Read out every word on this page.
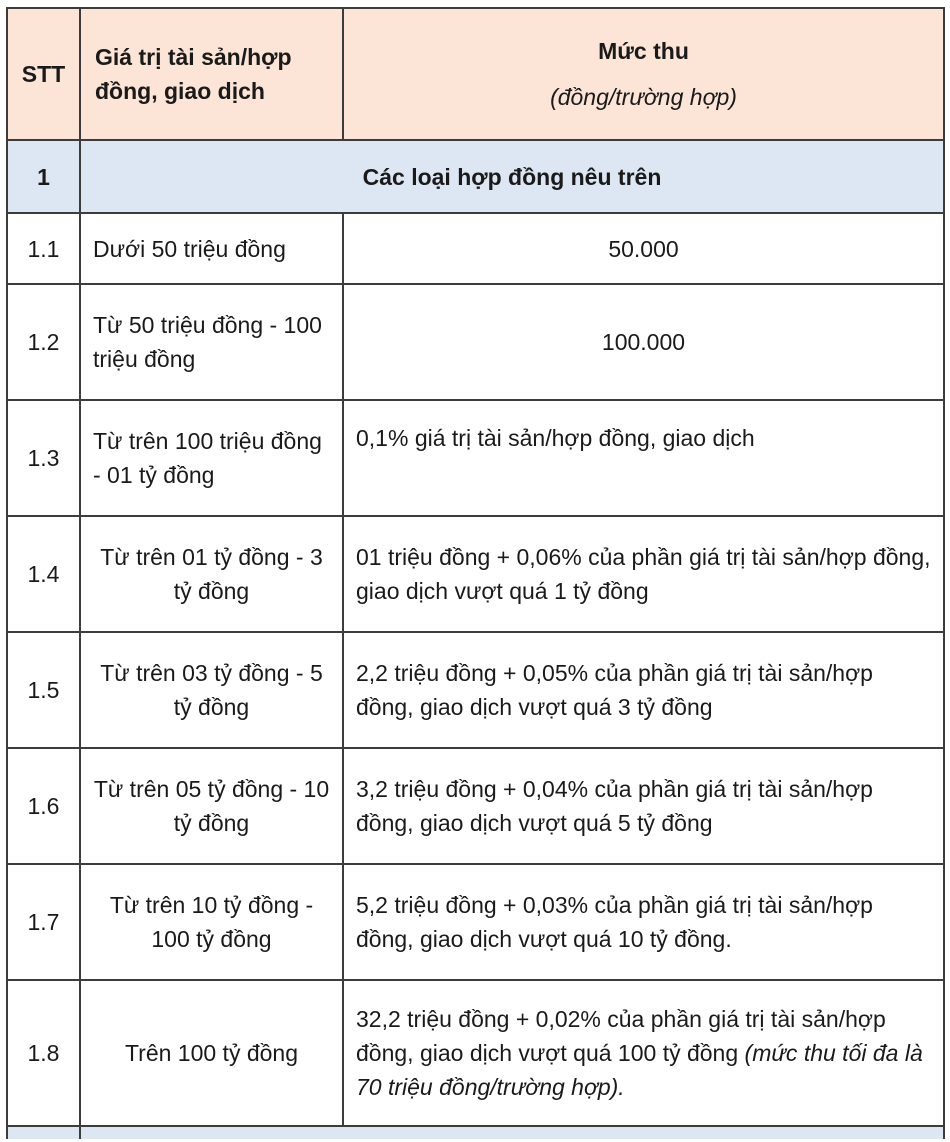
STT	Giá trị tài sản/hợp đồng, giao dịch	Mức thu
(đồng/trường hợp)

1	Các loại hợp đồng nêu trên	
1.1	Dưới 50 triệu đồng	50.000
1.2	Từ 50 triệu đồng - 100 triệu đồng	100.000
1.3	Từ trên 100 triệu đồng - 01 tỷ đồng	0,1% giá trị tài sản/hợp đồng, giao dịch
1.4	Từ trên 01 tỷ đồng - 3 tỷ đồng	01 triệu đồng + 0,06% của phần giá trị tài sản/hợp đồng, giao dịch vượt quá 1 tỷ đồng
1.5	Từ trên 03 tỷ đồng - 5 tỷ đồng	2,2 triệu đồng + 0,05% của phần giá trị tài sản/hợp đồng, giao dịch vượt quá 3 tỷ đồng
1.6	Từ trên 05 tỷ đồng - 10 tỷ đồng	3,2 triệu đồng + 0,04% của phần giá trị tài sản/hợp đồng, giao dịch vượt quá 5 tỷ đồng
1.7	Từ trên 10 tỷ đồng - 100 tỷ đồng	5,2 triệu đồng + 0,03% của phần giá trị tài sản/hợp đồng, giao dịch vượt quá 10 tỷ đồng.
1.8	Trên 100 tỷ đồng	32,2 triệu đồng + 0,02% của phần giá trị tài sản/hợp đồng, giao dịch vượt quá 100 tỷ đồng (mức thu tối đa là 70 triệu đồng/trường hợp).
